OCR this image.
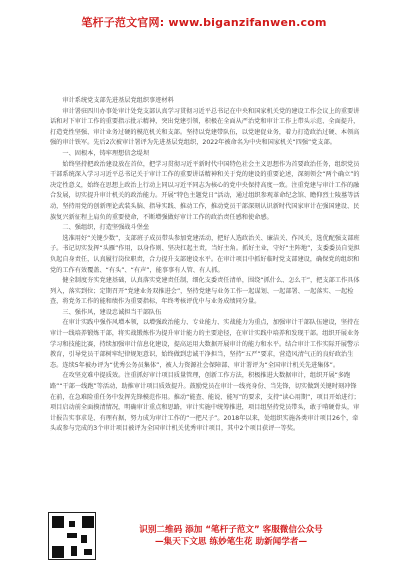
笔杆子范文官网: www.biganzifanwen.com

审计系统党支部先进基层党组织事迹材料

审计署驻四川办事处审计处党支部认真学习贯彻习近平总书记在中央和国家机关党的建设工作会议上的重要讲话和对下审计工作的重要指示批示精神，突出党建引领，积极在全面从严治党和审计工作上带头示范、全面提升，打造党性坚强、审计业务过硬的模范机关和支部。坚持以党建带队伍，以党建促业务，着力打造政治过硬、本领高强的审计铁军。先后2次被审计署评为先进基层党组织，2022年被命名为中央和国家机关“四强”党支部。

一、固根本，铸牢理想信念堤坝

始终坚持把政治建设放在首位，把学习贯彻习近平新时代中国特色社会主义思想作为首要政治任务，组织党员干部系统深入学习习近平总书记关于审计工作的重要讲话精神和关于党的建设的重要论述，深刻领会“两个确立”的决定性意义，始终在思想上政治上行动上同以习近平同志为核心的党中央保持高度一致。注重党建与审计工作的融合发展，切实提升审计机关的政治能力。开展“特色主题党日”活动，通过组织参观革命纪念馆、瞻仰烈士陵墓等活动，坚持用党的创新理论武装头脑、指导实践、推动工作，推动党员干部深刻认识新时代国家审计在强国建设、民族复兴新征程上肩负的重要使命，不断增强做好审计工作的政治责任感和使命感。

二、强组织，打造坚强战斗堡垒

选准用好“关键少数”，支部班子成员带头参加党建活动，把好人选政治关、廉洁关、作风关，选优配强支部班子。书记切实发挥“头雁”作用，以身作则、坚决扛起主责，当好主角。抓好主业，守好“主阵地”，支委委员自觉担负起自身责任，认真履行岗位职责，合力提升支部建设水平。在审计项目中抓好临时党支部建设，确保党的组织和党的工作有效覆盖、“有头”、“有声”，能事事有人管、有人抓。

健全制度夯实党建基础，认真落实党建责任制，细化支委责任清单，围绕“抓什么、怎么干”，把支部工作具体列入，落实到位；定期召开“党建业务双推进会”，坚持党建与业务工作一起谋划、一起部署、一起落实、一起检查，将党务工作的能和绩作为重要指标，年终考核评优中与业务成绩同分量。

三、强作风，建设忠诚担当干部队伍

在审计实践中强作风增本领，以增强政治能力、专业能力、实战能力为重点，加强审计干部队伍建设，坚持在审计一线培养锻炼干部，将实战锻炼作为提升审计能力的主要途径，在审计实践中培养和发现干部。组织开展业务学习和技能比赛，持续加强审计信息化建设，提高运用大数据开展审计的能力和水平。结合审计工作实际开展警示教育，引导党员干部树牢纪律规矩意识，始终做到忠诚干净担当，坚持“五严”要求，营造风清气正的良好政治生态。连续5年被办评为“优秀公务员集体”，被人力资源社会保障部、审计署评为“全国审计机关先进集体”。

在攻坚克难中提质效。注重抓好审计项目质量管理，创新工作方法，积极推进大数据审计，组织开展“多跑路”“干部一线跑”等活动，助推审计项目质效提升。鼓励党员在审计一线亮身份、当先锋，切实做到关键时刻冲锋在前，在急难险重任务中发挥先锋模范作用。推动“能查、能说、能写”的要求，支持“读心用期”，项目开始进行；项目启动前全面摸清情况，明确审计重点和思路，审计实施中统筹推进，项目组坚持党员带头，敢于啃硬骨头，审计报告实事求是、有理有据，努力成为审计工作的“一把尺子”。2018年以来，处组织实施各类审计项目26个，牵头或参与完成的3个审计项目被评为全国审计机关优秀审计项目，其中2个项目获评一等奖。

识别二维码 添加 “笔杆子范文” 客服微信公众号
—集天下文思 练妙笔生花 助新闻学者—
